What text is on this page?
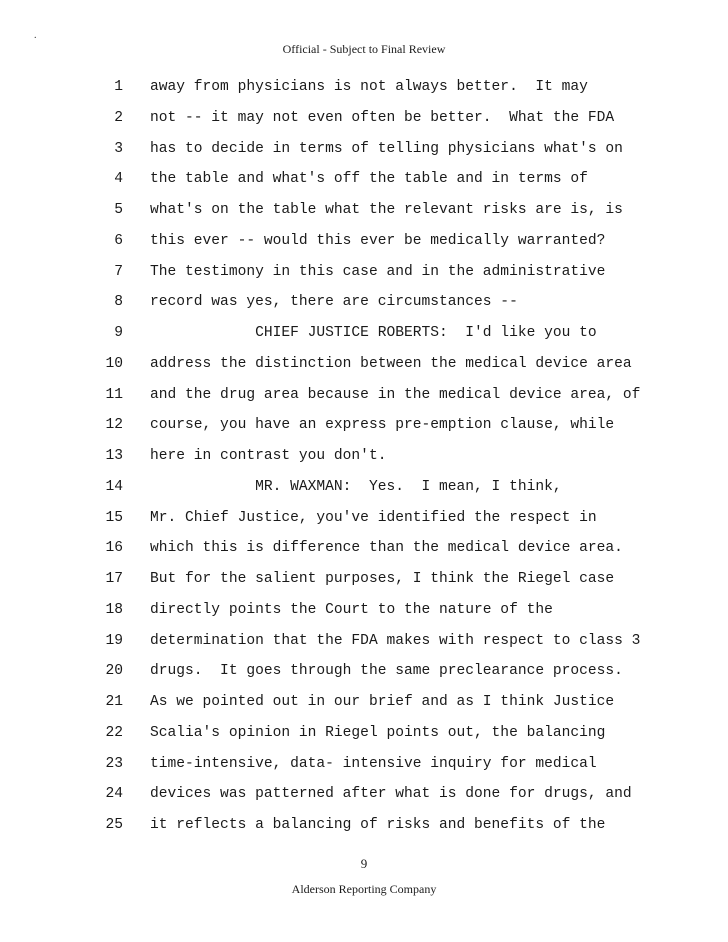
.
Official - Subject to Final Review
1 away from physicians is not always better.  It may
2 not -- it may not even often be better.  What the FDA
3 has to decide in terms of telling physicians what's on
4 the table and what's off the table and in terms of
5 what's on the table what the relevant risks are is, is
6 this ever -- would this ever be medically warranted?
7 The testimony in this case and in the administrative
8 record was yes, there are circumstances --
9 CHIEF JUSTICE ROBERTS:  I'd like you to
10 address the distinction between the medical device area
11 and the drug area because in the medical device area, of
12 course, you have an express pre-emption clause, while
13 here in contrast you don't.
14 MR. WAXMAN:  Yes.  I mean, I think,
15 Mr. Chief Justice, you've identified the respect in
16 which this is difference than the medical device area.
17 But for the salient purposes, I think the Riegel case
18 directly points the Court to the nature of the
19 determination that the FDA makes with respect to class 3
20 drugs.  It goes through the same preclearance process.
21 As we pointed out in our brief and as I think Justice
22 Scalia's opinion in Riegel points out, the balancing
23 time-intensive, data- intensive inquiry for medical
24 devices was patterned after what is done for drugs, and
25 it reflects a balancing of risks and benefits of the
9
Alderson Reporting Company
